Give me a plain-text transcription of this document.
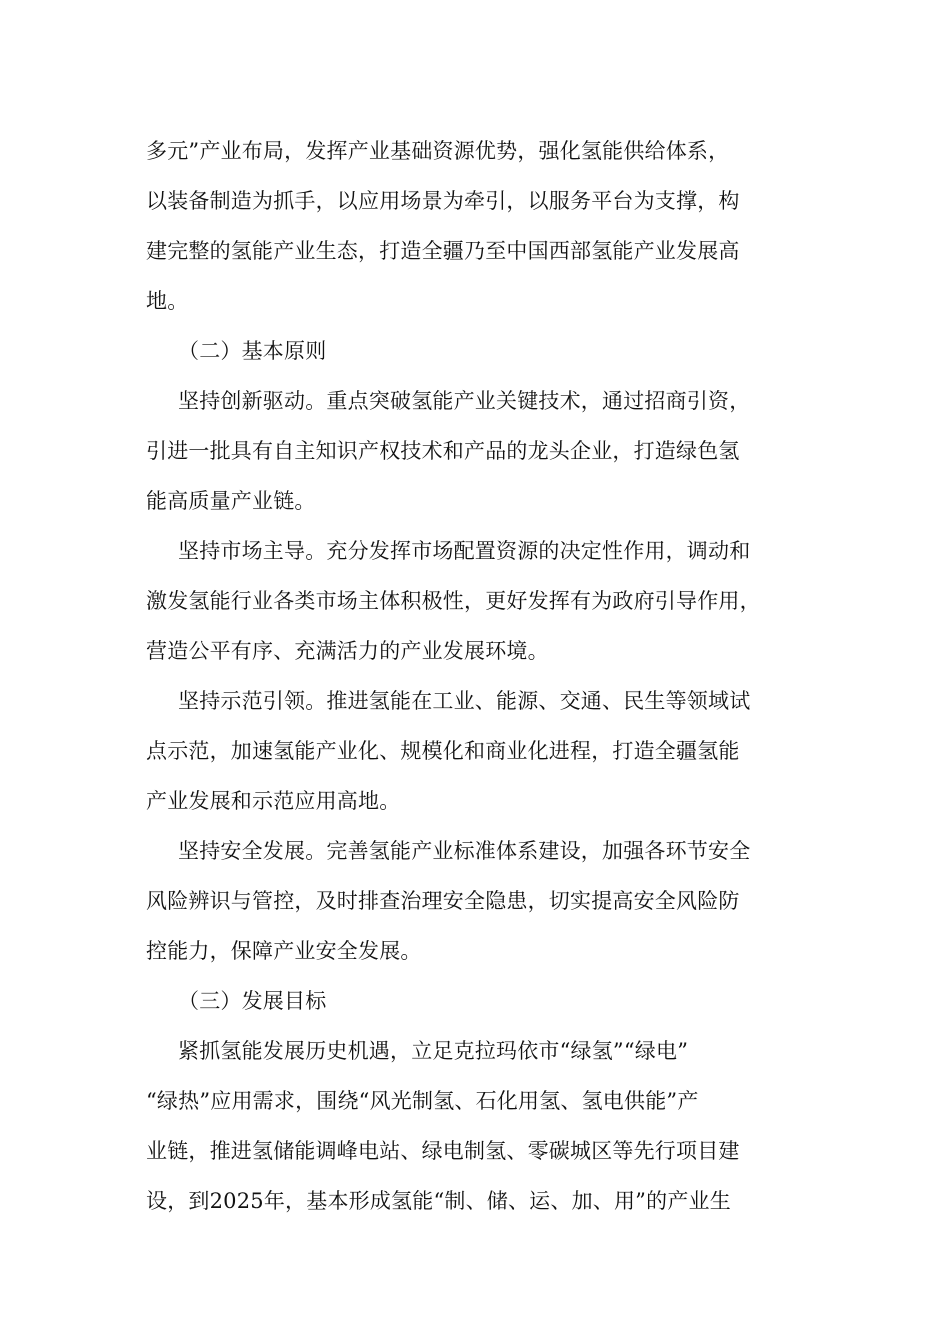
多元”产业布局，发挥产业基础资源优势，强化氢能供给体系，
以装备制造为抓手，以应用场景为牵引，以服务平台为支撑，构
建完整的氢能产业生态，打造全疆乃至中国西部氢能产业发展高
地。
（二）基本原则
坚持创新驱动。重点突破氢能产业关键技术，通过招商引资，
引进一批具有自主知识产权技术和产品的龙头企业，打造绿色氢
能高质量产业链。
坚持市场主导。充分发挥市场配置资源的决定性作用，调动和
激发氢能行业各类市场主体积极性，更好发挥有为政府引导作用，
营造公平有序、充满活力的产业发展环境。
坚持示范引领。推进氢能在工业、能源、交通、民生等领域试
点示范，加速氢能产业化、规模化和商业化进程，打造全疆氢能
产业发展和示范应用高地。
坚持安全发展。完善氢能产业标准体系建设，加强各环节安全
风险辨识与管控，及时排查治理安全隐患，切实提高安全风险防
控能力，保障产业安全发展。
（三）发展目标
紧抓氢能发展历史机遇，立足克拉玛依市“绿氢”“绿电”
“绿热”应用需求，围绕“风光制氢、石化用氢、氢电供能”产
业链，推进氢储能调峰电站、绿电制氢、零碳城区等先行项目建
设，到2025年，基本形成氢能“制、储、运、加、用”的产业生
